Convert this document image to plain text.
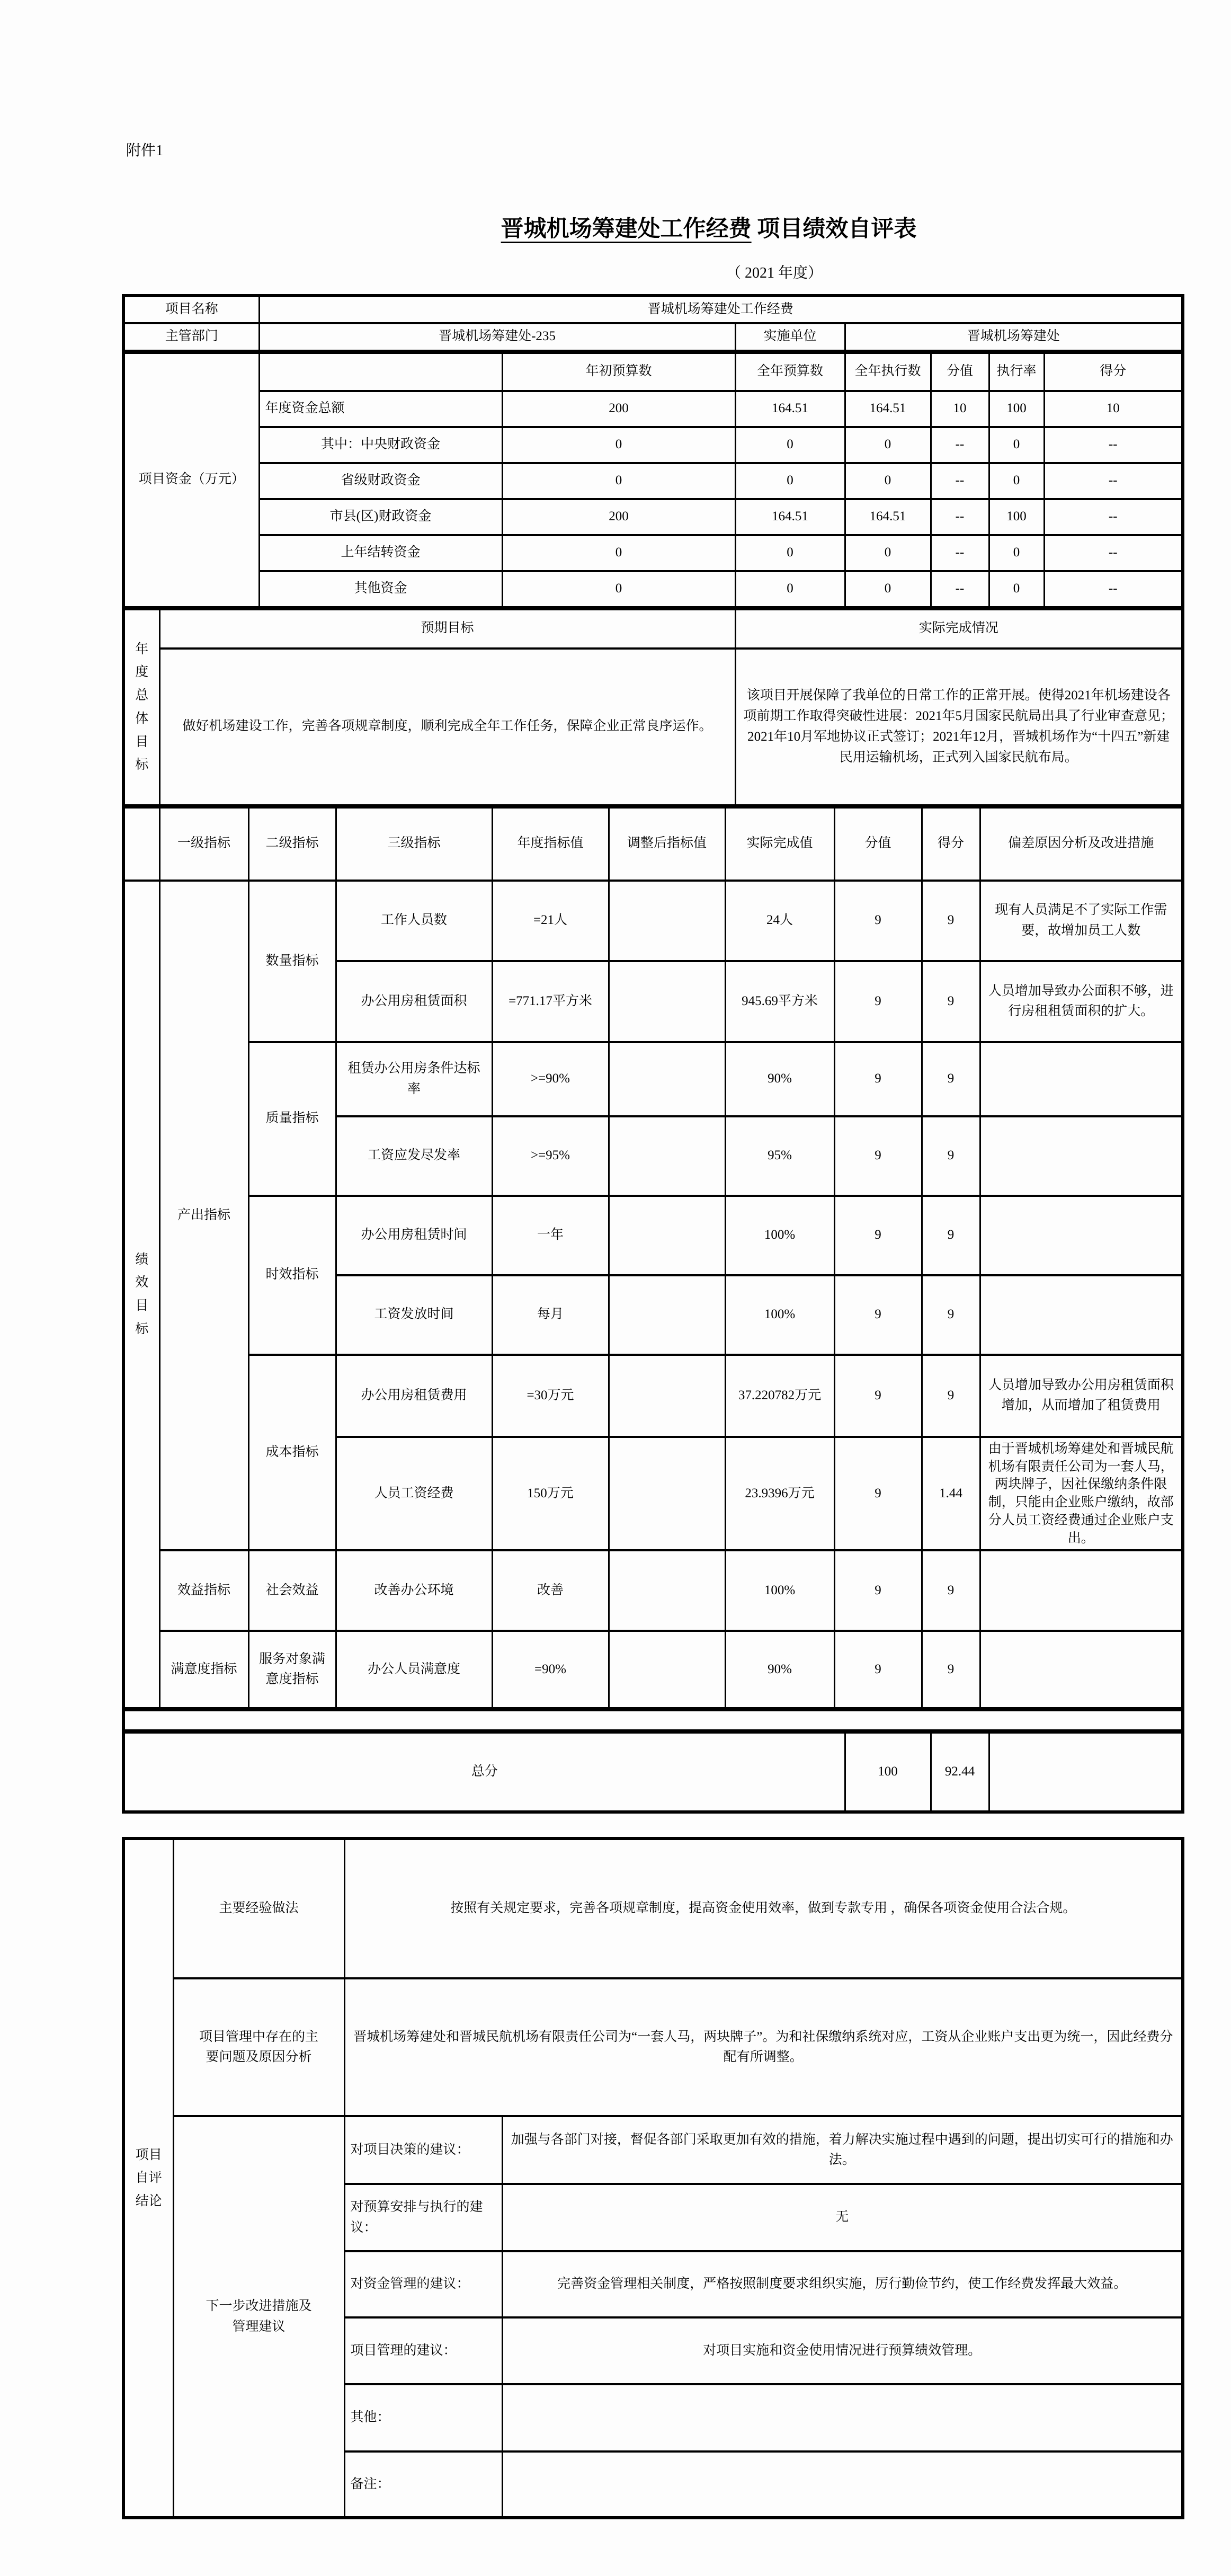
附件1
晋城机场筹建处工作经费 项目绩效自评表
（ 2021 年度）
项目名称	晋城机场筹建处工作经费		
主管部门	晋城机场筹建处-235	实施单位	晋城机场筹建处
项目资金（万元）		年初预算数	全年预算数	全年执行数	分值	执行率	得分
	年度资金总额	200	164.51	164.51	10	100	10
	其中：中央财政资金	0	0	0	--	0	--
	省级财政资金	0	0	0	--	0	--
	市县(区)财政资金	200	164.51	164.51	--	100	--
	上年结转资金	0	0	0	--	0	--
	其他资金	0	0	0	--	0	--
年度总体目标	预期目标	实际完成情况
	做好机场建设工作，完善各项规章制度，顺利完成全年工作任务，保障企业正常良序运作。	该项目开展保障了我单位的日常工作的正常开展。使得2021年机场建设各项前期工作取得突破性进展：2021年5月国家民航局出具了行业审查意见；2021年10月军地协议正式签订；2021年12月，晋城机场作为“十四五”新建民用运输机场，正式列入国家民航布局。
	一级指标	二级指标	三级指标	年度指标值	调整后指标值	实际完成值	分值	得分	偏差原因分析及改进措施
绩效目标	产出指标	数量指标	工作人员数	=21人		24人	9	9	现有人员满足不了实际工作需要，故增加员工人数
			办公用房租赁面积	=771.17平方米		945.69平方米	9	9	人员增加导致办公面积不够，进行房租租赁面积的扩大。
		质量指标	租赁办公用房条件达标率	>=90%		90%	9	9	
			工资应发尽发率	>=95%		95%	9	9	
		时效指标	办公用房租赁时间	一年		100%	9	9	
			工资发放时间	每月		100%	9	9	
		成本指标	办公用房租赁费用	=30万元		37.220782万元	9	9	人员增加导致办公用房租赁面积增加，从而增加了租赁费用
			人员工资经费	150万元		23.9396万元	9	1.44	由于晋城机场筹建处和晋城民航机场有限责任公司为一套人马，两块牌子，因社保缴纳条件限制，只能由企业账户缴纳，故部分人员工资经费通过企业账户支出。
	效益指标	社会效益	改善办公环境	改善		100%	9	9	
	满意度指标	服务对象满意度指标	办公人员满意度	=90%		90%	9	9	
总分	100	92.44	
项目自评结论	主要经验做法	按照有关规定要求，完善各项规章制度，提高资金使用效率，做到专款专用 ，确保各项资金使用合法合规。	
	项目管理中存在的主要问题及原因分析	晋城机场筹建处和晋城民航机场有限责任公司为“一套人马，两块牌子”。为和社保缴纳系统对应，工资从企业账户支出更为统一，因此经费分配有所调整。	
	下一步改进措施及管理建议	对项目决策的建议：	加强与各部门对接，督促各部门采取更加有效的措施，着力解决实施过程中遇到的问题，提出切实可行的措施和办法。
		对预算安排与执行的建议：	无
		对资金管理的建议：	完善资金管理相关制度，严格按照制度要求组织实施，厉行勤俭节约，使工作经费发挥最大效益。
		项目管理的建议：	对项目实施和资金使用情况进行预算绩效管理。
		其他：	
		备注：	
